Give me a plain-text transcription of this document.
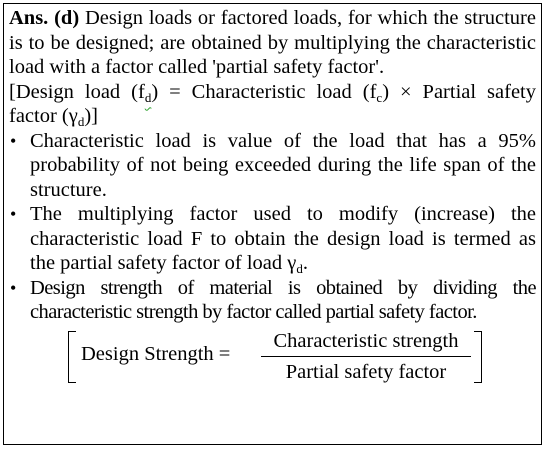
Ans. (d) Design loads or factored loads, for which the structure is to be designed; are obtained by multiplying the characteristic load with a factor called 'partial safety factor'.

[Design load $(f_d)$ = Characteristic load $(f_c)$ × Partial safety factor $(\gamma_d)$]

• Characteristic load is value of the load that has a 95% probability of not being exceeded during the life span of the structure.
• The multiplying factor used to modify (increase) the characteristic load F to obtain the design load is termed as the partial safety factor of load $\gamma_d$.
• Design strength of material is obtained by dividing the characteristic strength by factor called partial safety factor.
Design Strength =
Characteristic strength
Partial safety factor
